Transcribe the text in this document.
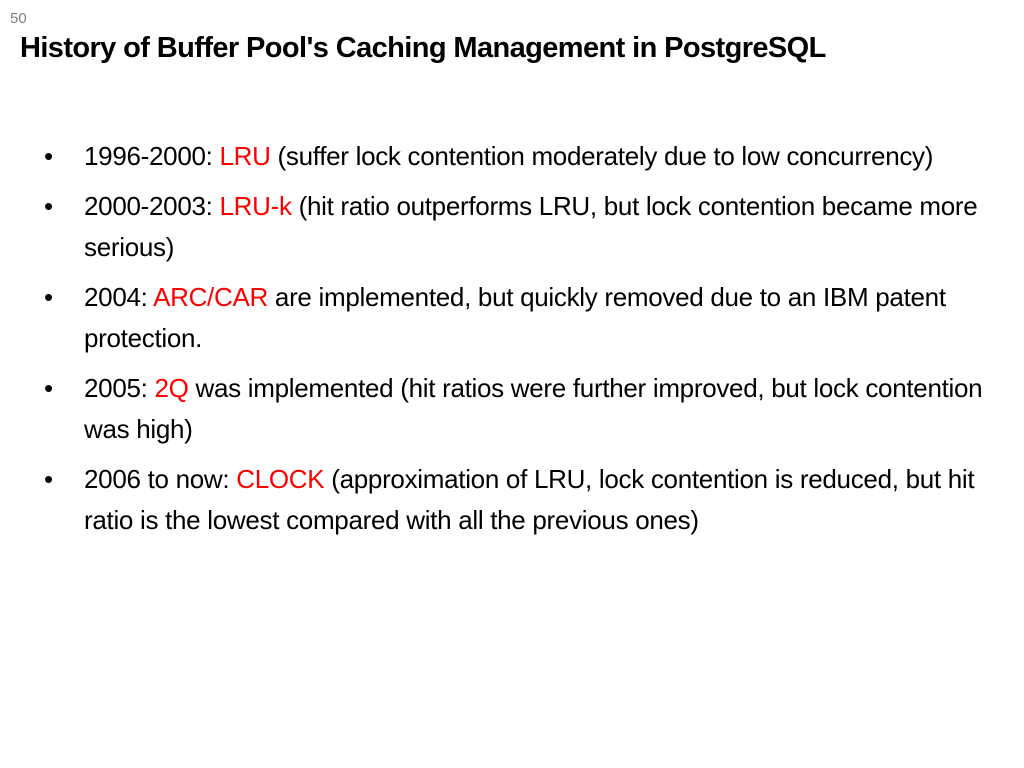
50
History of Buffer Pool's Caching Management in PostgreSQL
• 1996-2000: LRU (suffer lock contention moderately due to low concurrency)
• 2000-2003: LRU-k (hit ratio outperforms LRU, but lock contention became more serious)
• 2004: ARC/CAR are implemented, but quickly removed due to an IBM patent protection.
• 2005: 2Q was implemented (hit ratios were further improved, but lock contention was high)
• 2006 to now: CLOCK (approximation of LRU, lock contention is reduced, but hit ratio is the lowest compared with all the previous ones)
